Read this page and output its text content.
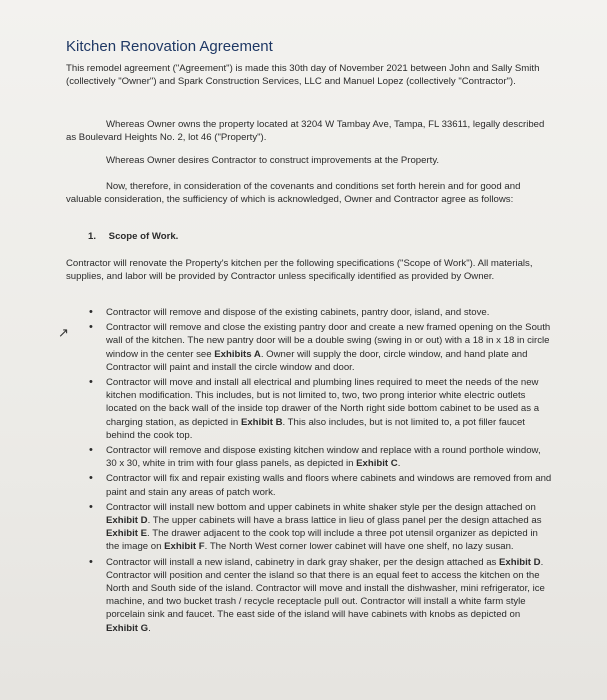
Kitchen Renovation Agreement

This remodel agreement ("Agreement") is made this 30th day of November 2021 between John and Sally Smith (collectively "Owner") and Spark Construction Services, LLC and Manuel Lopez (collectively "Contractor").

Whereas Owner owns the property located at 3204 W Tambay Ave, Tampa, FL 33611, legally described as Boulevard Heights No. 2, lot 46 ("Property").

Whereas Owner desires Contractor to construct improvements at the Property.

Now, therefore, in consideration of the covenants and conditions set forth herein and for good and valuable consideration, the sufficiency of which is acknowledged, Owner and Contractor agree as follows:

1. Scope of Work.

Contractor will renovate the Property's kitchen per the following specifications ("Scope of Work"). All materials, supplies, and labor will be provided by Contractor unless specifically identified as provided by Owner.

↗
• Contractor will remove and dispose of the existing cabinets, pantry door, island, and stove.
• Contractor will remove and close the existing pantry door and create a new framed opening on the South wall of the kitchen. The new pantry door will be a double swing (swing in or out) with a 18 in x 18 in circle window in the center see Exhibits A. Owner will supply the door, circle window, and hand plate and Contractor will paint and install the circle window and door.
• Contractor will move and install all electrical and plumbing lines required to meet the needs of the new kitchen modification. This includes, but is not limited to, two, two prong interior white electric outlets located on the back wall of the inside top drawer of the North right side bottom cabinet to be used as a charging station, as depicted in Exhibit B. This also includes, but is not limited to, a pot filler faucet behind the cook top.
• Contractor will remove and dispose existing kitchen window and replace with a round porthole window, 30 x 30, white in trim with four glass panels, as depicted in Exhibit C.
• Contractor will fix and repair existing walls and floors where cabinets and windows are removed from and paint and stain any areas of patch work.
• Contractor will install new bottom and upper cabinets in white shaker style per the design attached on Exhibit D. The upper cabinets will have a brass lattice in lieu of glass panel per the design attached as Exhibit E. The drawer adjacent to the cook top will include a three pot utensil organizer as depicted in the image on Exhibit F. The North West corner lower cabinet will have one shelf, no lazy susan.
• Contractor will install a new island, cabinetry in dark gray shaker, per the design attached as Exhibit D. Contractor will position and center the island so that there is an equal feet to access the kitchen on the North and South side of the island. Contractor will move and install the dishwasher, mini refrigerator, ice machine, and two bucket trash / recycle receptacle pull out. Contractor will install a white farm style porcelain sink and faucet. The east side of the island will have cabinets with knobs as depicted on Exhibit G.
